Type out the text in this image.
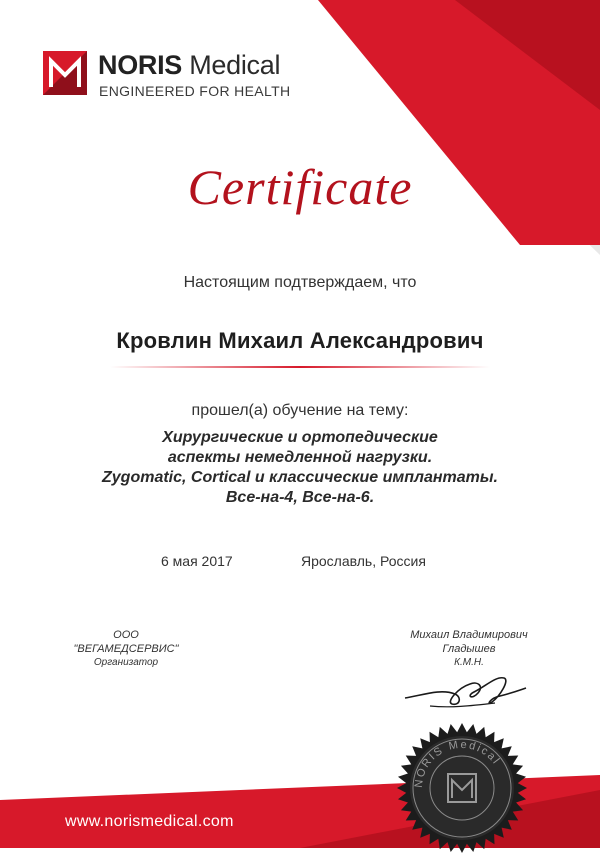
NORIS Medical
ENGINEERED FOR HEALTH
Certificate
Настоящим подтверждаем, что
Кровлин Михаил Александрович
прошел(а) обучение на тему:
Хирургические и ортопедические
аспекты немедленной нагрузки.
Zygomatic, Cortical и классические имплантаты.
Все-на-4, Все-на-6.
6 мая 2017	Ярославль, Россия
ООО
"ВЕГАМЕДСЕРВИС"
Организатор
Михаил Владимирович
Гладышев
К.М.Н.
NORIS Medical
www.norismedical.com
